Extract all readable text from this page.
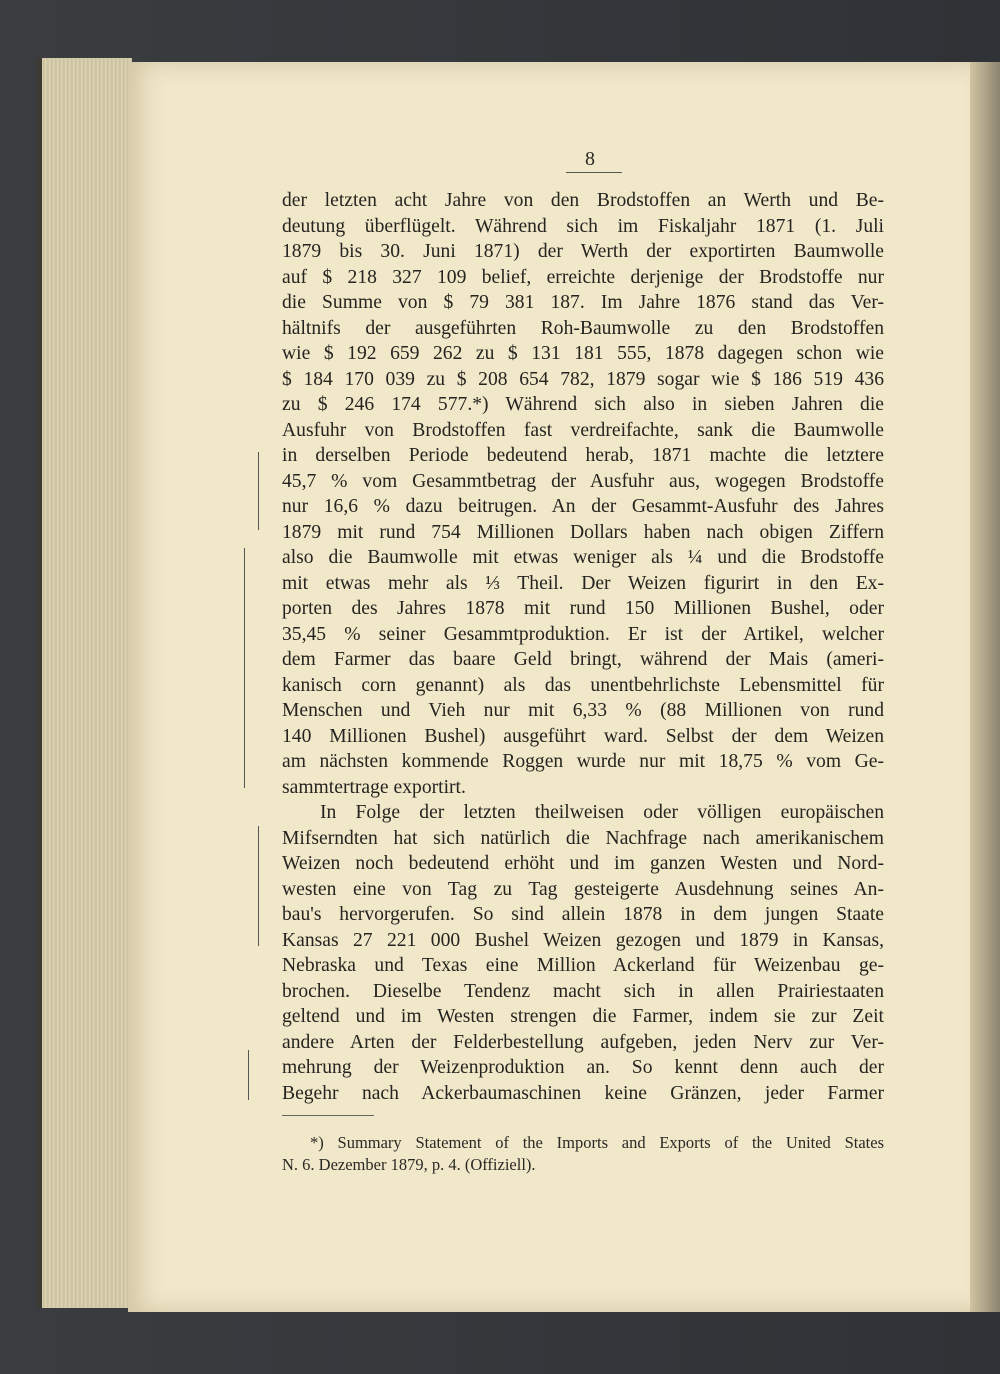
8
der letzten acht Jahre von den Brodstoffen an Werth und Be-
deutung überflügelt. Während sich im Fiskaljahr 1871 (1. Juli
1879 bis 30. Juni 1871) der Werth der exportirten Baumwolle
auf $ 218 327 109 belief, erreichte derjenige der Brodstoffe nur
die Summe von $ 79 381 187. Im Jahre 1876 stand das Ver-
hältnifs der ausgeführten Roh-Baumwolle zu den Brodstoffen
wie $ 192 659 262 zu $ 131 181 555, 1878 dagegen schon wie
$ 184 170 039 zu $ 208 654 782, 1879 sogar wie $ 186 519 436
zu $ 246 174 577.*) Während sich also in sieben Jahren die
Ausfuhr von Brodstoffen fast verdreifachte, sank die Baumwolle
in derselben Periode bedeutend herab, 1871 machte die letztere
45,7 % vom Gesammtbetrag der Ausfuhr aus, wogegen Brodstoffe
nur 16,6 % dazu beitrugen. An der Gesammt-Ausfuhr des Jahres
1879 mit rund 754 Millionen Dollars haben nach obigen Ziffern
also die Baumwolle mit etwas weniger als ¼ und die Brodstoffe
mit etwas mehr als ⅓ Theil. Der Weizen figurirt in den Ex-
porten des Jahres 1878 mit rund 150 Millionen Bushel, oder
35,45 % seiner Gesammtproduktion. Er ist der Artikel, welcher
dem Farmer das baare Geld bringt, während der Mais (ameri-
kanisch corn genannt) als das unentbehrlichste Lebensmittel für
Menschen und Vieh nur mit 6,33 % (88 Millionen von rund
140 Millionen Bushel) ausgeführt ward. Selbst der dem Weizen
am nächsten kommende Roggen wurde nur mit 18,75 % vom Ge-
sammtertrage exportirt.
In Folge der letzten theilweisen oder völligen europäischen
Mifserndten hat sich natürlich die Nachfrage nach amerikanischem
Weizen noch bedeutend erhöht und im ganzen Westen und Nord-
westen eine von Tag zu Tag gesteigerte Ausdehnung seines An-
bau's hervorgerufen. So sind allein 1878 in dem jungen Staate
Kansas 27 221 000 Bushel Weizen gezogen und 1879 in Kansas,
Nebraska und Texas eine Million Ackerland für Weizenbau ge-
brochen. Dieselbe Tendenz macht sich in allen Prairiestaaten
geltend und im Westen strengen die Farmer, indem sie zur Zeit
andere Arten der Felderbestellung aufgeben, jeden Nerv zur Ver-
mehrung der Weizenproduktion an. So kennt denn auch der
Begehr nach Ackerbaumaschinen keine Gränzen, jeder Farmer
*) Summary Statement of the Imports and Exports of the United States
N. 6. Dezember 1879, p. 4. (Offiziell).
